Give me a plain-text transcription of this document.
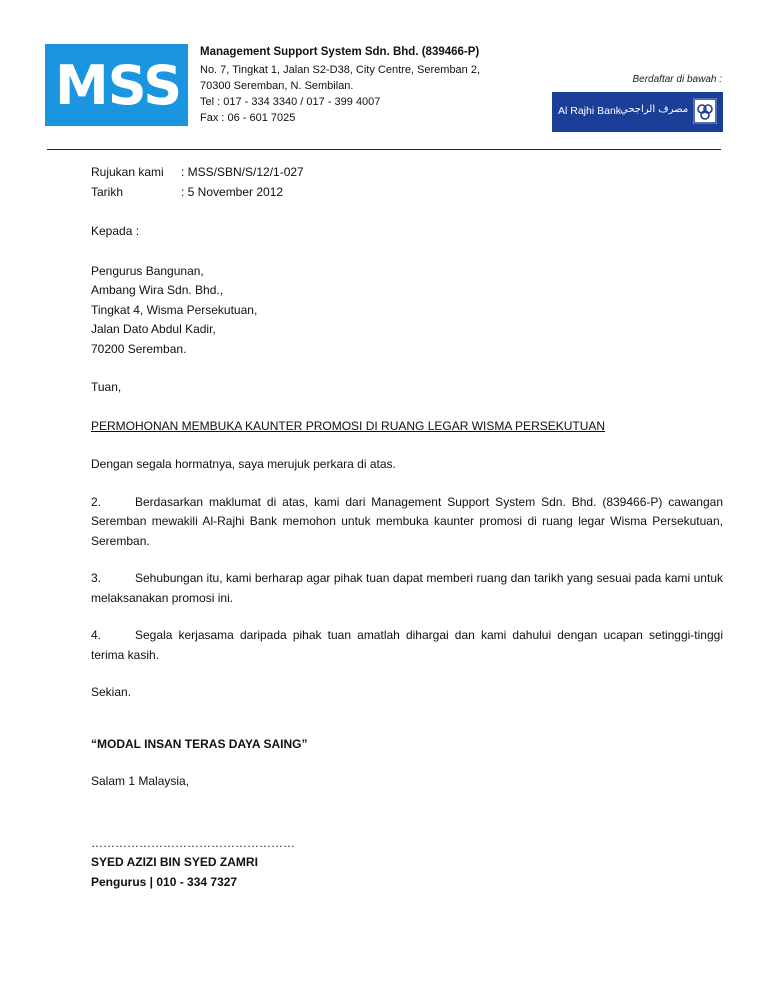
MSS
Management Support System Sdn. Bhd. (839466-P)
No. 7, Tingkat 1, Jalan S2-D38, City Centre, Seremban 2,
70300 Seremban, N. Sembilan.
Tel : 017 - 334 3340 / 017 - 399 4007
Fax : 06 - 601 7025
Berdaftar di bawah :
Al Rajhi Bank
مصرف الراجحي
Rujukan kami	: MSS/SBN/S/12/1-027
Tarikh	: 5 November 2012

Kepada :

Pengurus Bangunan,
Ambang Wira Sdn. Bhd.,
Tingkat 4, Wisma Persekutuan,
Jalan Dato Abdul Kadir,
70200 Seremban.

Tuan,

PERMOHONAN MEMBUKA KAUNTER PROMOSI DI RUANG LEGAR WISMA PERSEKUTUAN

Dengan segala hormatnya, saya merujuk perkara di atas.

2.	Berdasarkan maklumat di atas, kami dari Management Support System Sdn. Bhd. (839466-P) cawangan Seremban mewakili Al-Rajhi Bank memohon untuk membuka kaunter promosi di ruang legar Wisma Persekutuan, Seremban.

3.	Sehubungan itu, kami berharap agar pihak tuan dapat memberi ruang dan tarikh yang sesuai pada kami untuk melaksanakan promosi ini.

4.	Segala kerjasama daripada pihak tuan amatlah dihargai dan kami dahului dengan ucapan setinggi-tinggi terima kasih.

Sekian.

“MODAL INSAN TERAS DAYA SAING”

Salam 1 Malaysia,

……………………………………………

SYED AZIZI BIN SYED ZAMRI

Pengurus | 010 - 334 7327
